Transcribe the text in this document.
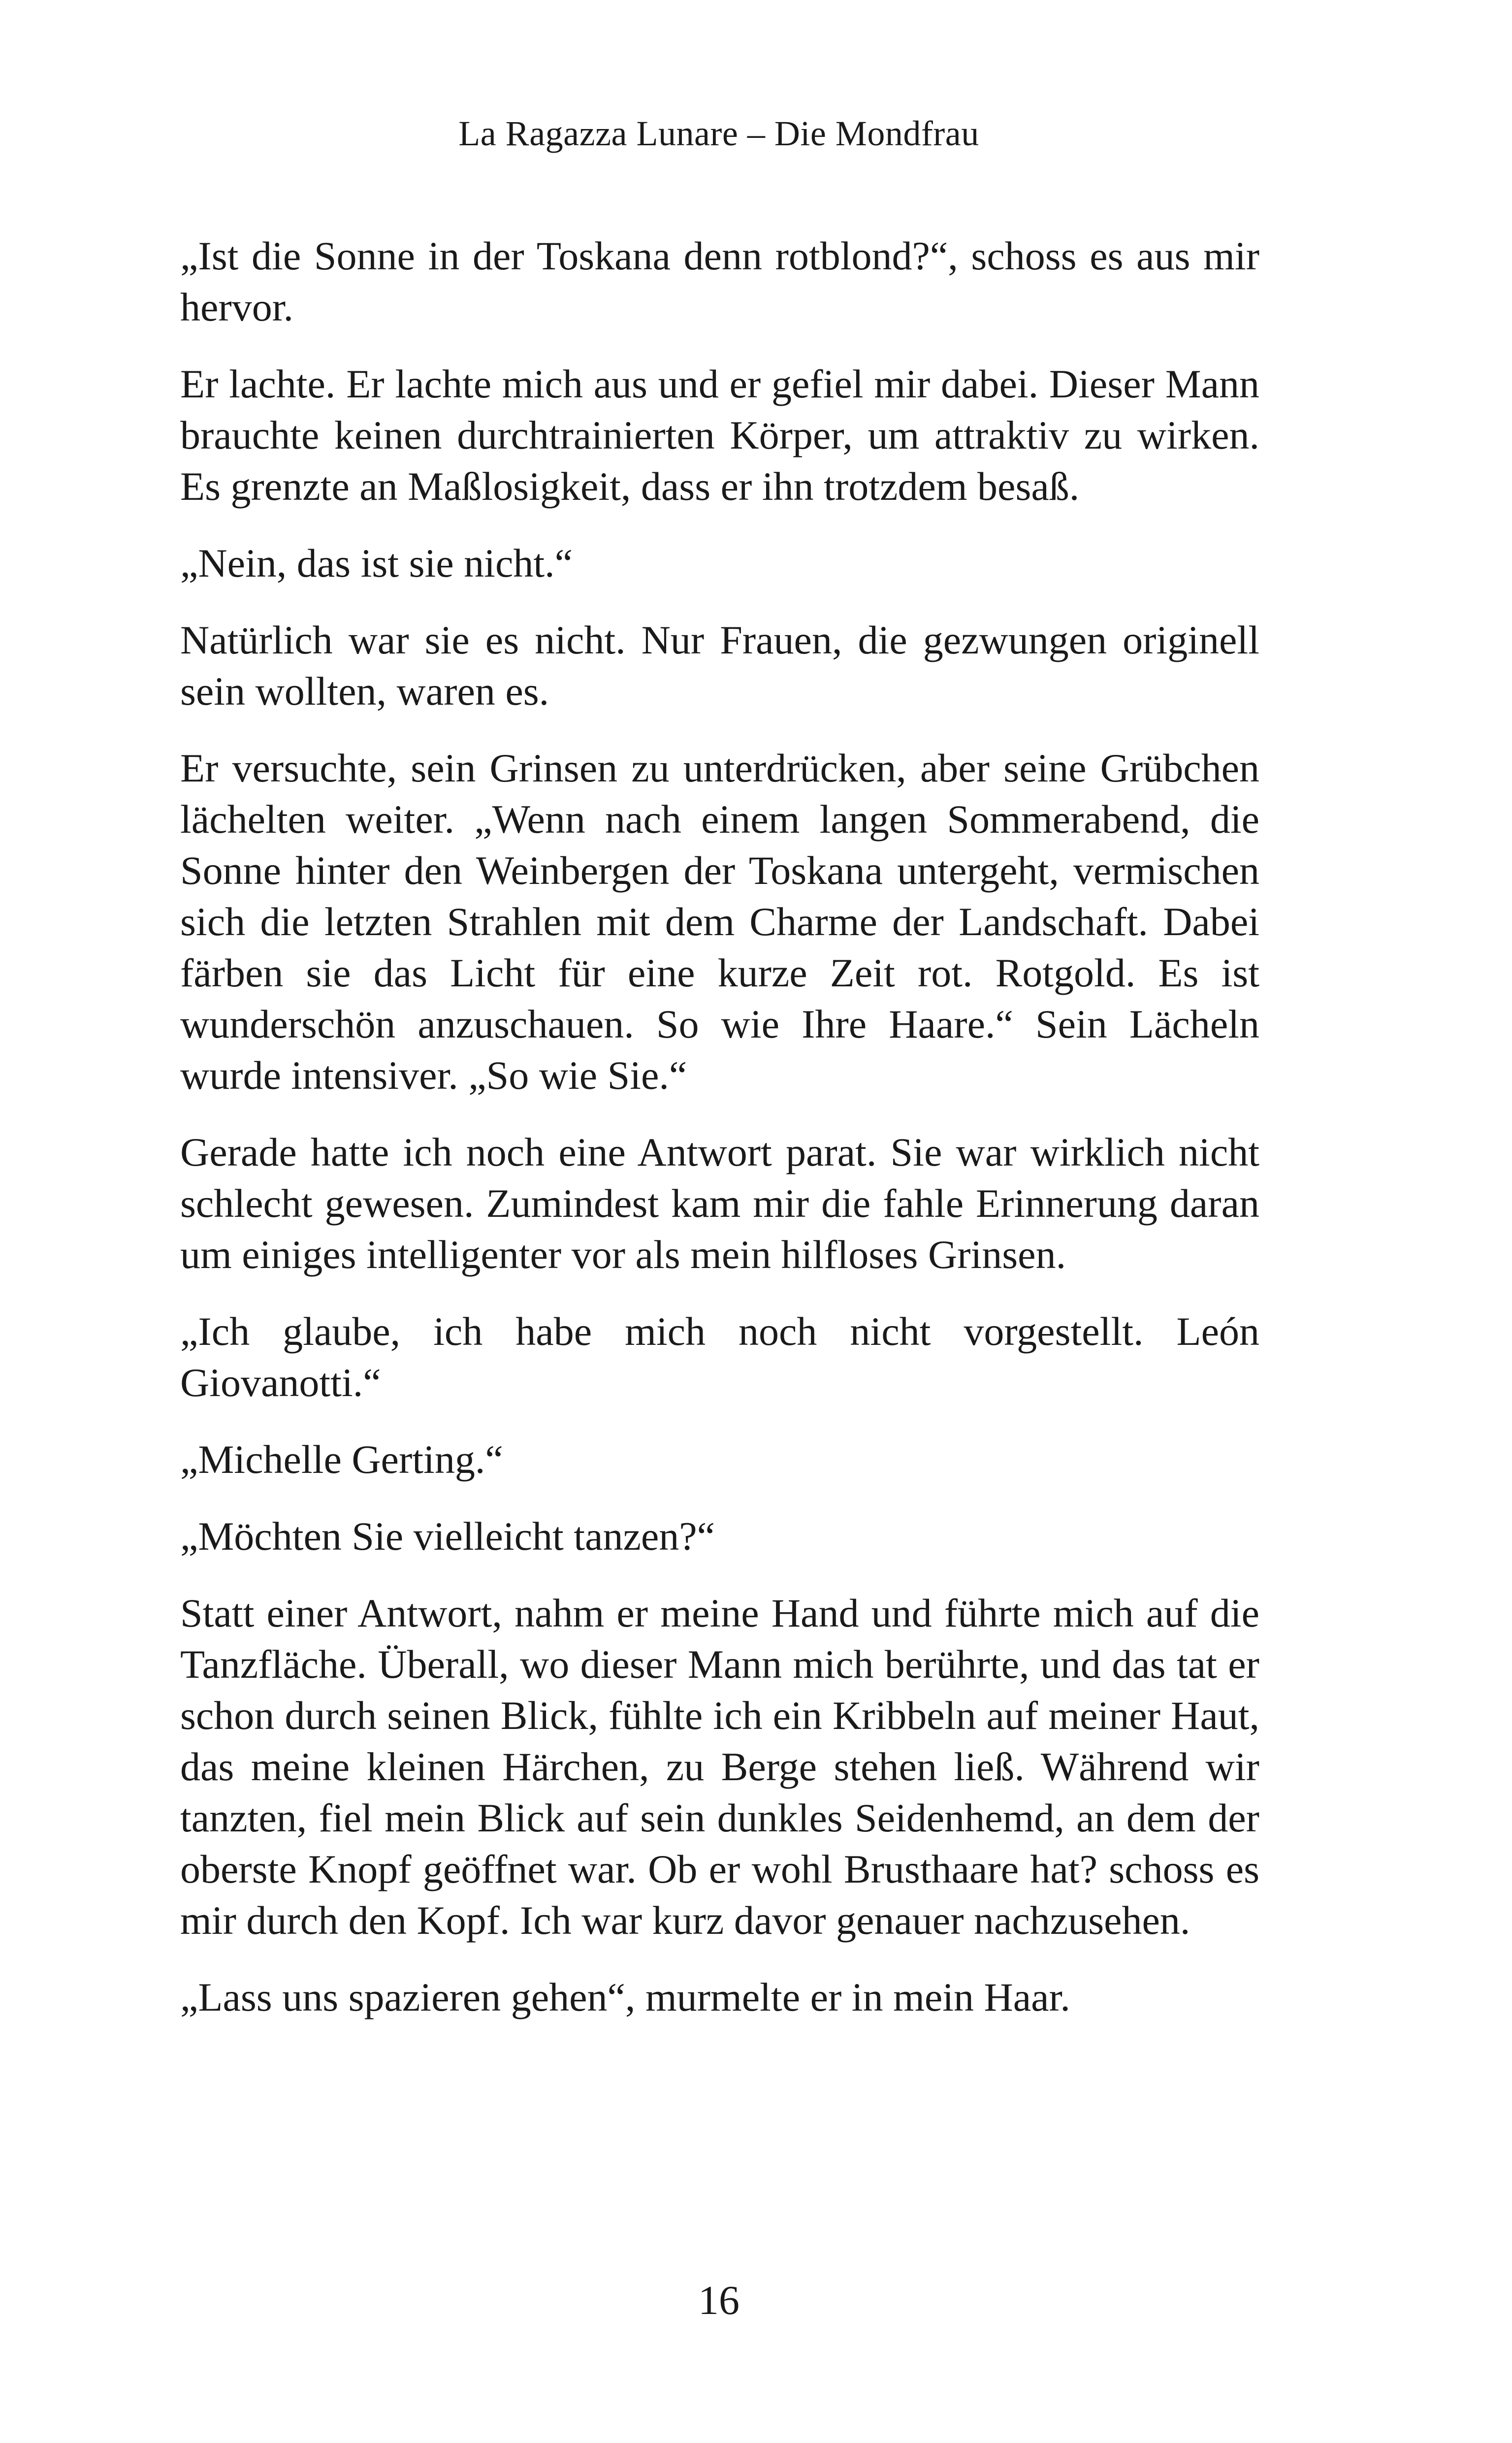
La Ragazza Lunare – Die Mondfrau

„Ist die Sonne in der Toskana denn rotblond?“, schoss es aus mir hervor.

Er lachte. Er lachte mich aus und er gefiel mir dabei. Dieser Mann brauchte keinen durchtrainierten Körper, um attraktiv zu wirken. Es grenzte an Maßlosigkeit, dass er ihn trotzdem besaß.

„Nein, das ist sie nicht.“

Natürlich war sie es nicht. Nur Frauen, die gezwungen originell sein wollten, waren es.

Er versuchte, sein Grinsen zu unterdrücken, aber seine Grübchen lächelten weiter. „Wenn nach einem langen Sommerabend, die Sonne hinter den Weinbergen der Toskana untergeht, vermischen sich die letzten Strahlen mit dem Charme der Landschaft. Dabei färben sie das Licht für eine kurze Zeit rot. Rotgold. Es ist wunderschön anzuschauen. So wie Ihre Haare.“ Sein Lächeln wurde intensiver. „So wie Sie.“

Gerade hatte ich noch eine Antwort parat. Sie war wirklich nicht schlecht gewesen. Zumindest kam mir die fahle Erinnerung daran um einiges intelligenter vor als mein hilfloses Grinsen.

„Ich glaube, ich habe mich noch nicht vorgestellt. León Giovanotti.“

„Michelle Gerting.“

„Möchten Sie vielleicht tanzen?“

Statt einer Antwort, nahm er meine Hand und führte mich auf die Tanzfläche. Überall, wo dieser Mann mich berührte, und das tat er schon durch seinen Blick, fühlte ich ein Kribbeln auf meiner Haut, das meine kleinen Härchen, zu Berge stehen ließ. Während wir tanzten, fiel mein Blick auf sein dunkles Seidenhemd, an dem der oberste Knopf geöffnet war. Ob er wohl Brusthaare hat? schoss es mir durch den Kopf. Ich war kurz davor genauer nachzusehen.

„Lass uns spazieren gehen“, murmelte er in mein Haar.

16
